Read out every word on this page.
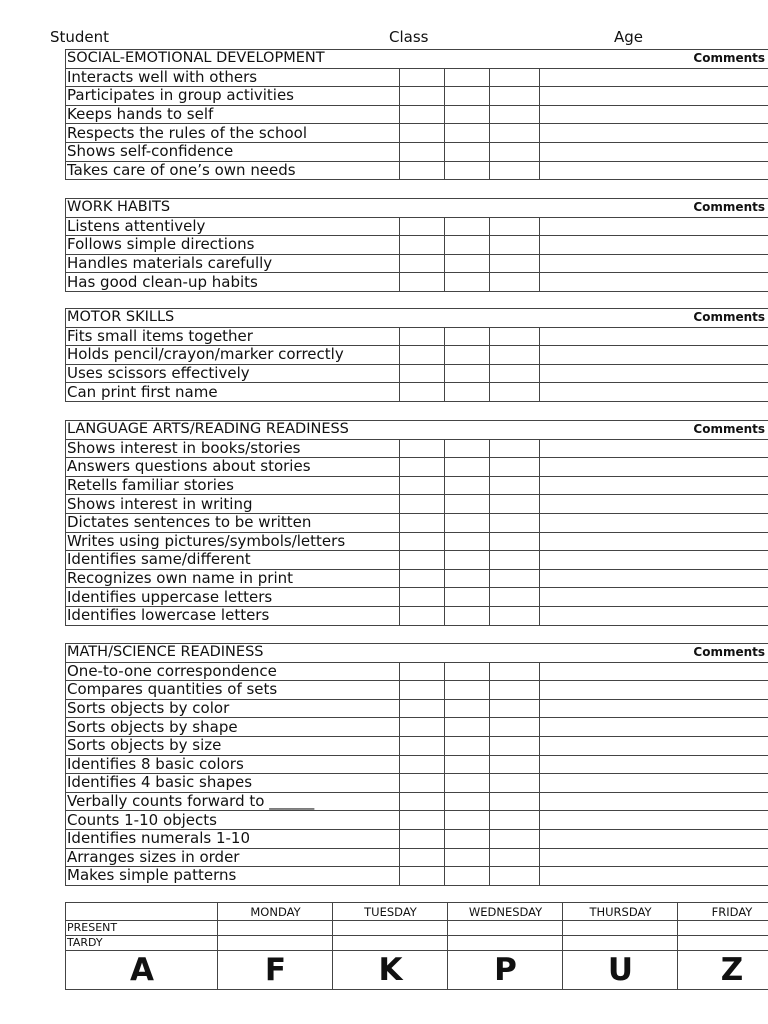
Student	Class	Age
SOCIAL-EMOTIONAL DEVELOPMENT				Comments
Interacts well with others				
Participates in group activities				
Keeps hands to self				
Respects the rules of the school				
Shows self-confidence				
Takes care of one’s own needs				
WORK HABITS				Comments
Listens attentively				
Follows simple directions				
Handles materials carefully				
Has good clean-up habits				
MOTOR SKILLS				Comments
Fits small items together				
Holds pencil/crayon/marker correctly				
Uses scissors effectively				
Can print first name				
LANGUAGE ARTS/READING READINESS				Comments
Shows interest in books/stories				
Answers questions about stories				
Retells familiar stories				
Shows interest in writing				
Dictates sentences to be written				
Writes using pictures/symbols/letters				
Identifies same/different				
Recognizes own name in print				
Identifies uppercase letters				
Identifies lowercase letters				
MATH/SCIENCE READINESS				Comments
One-to-one correspondence				
Compares quantities of sets				
Sorts objects by color				
Sorts objects by shape				
Sorts objects by size				
Identifies 8 basic colors				
Identifies 4 basic shapes				
Verbally counts forward to ______				
Counts 1-10 objects				
Identifies numerals 1-10				
Arranges sizes in order				
Makes simple patterns				
	MONDAY	TUESDAY	WEDNESDAY	THURSDAY	FRIDAY
PRESENT					
TARDY					
A	F	K	P	U	Z
